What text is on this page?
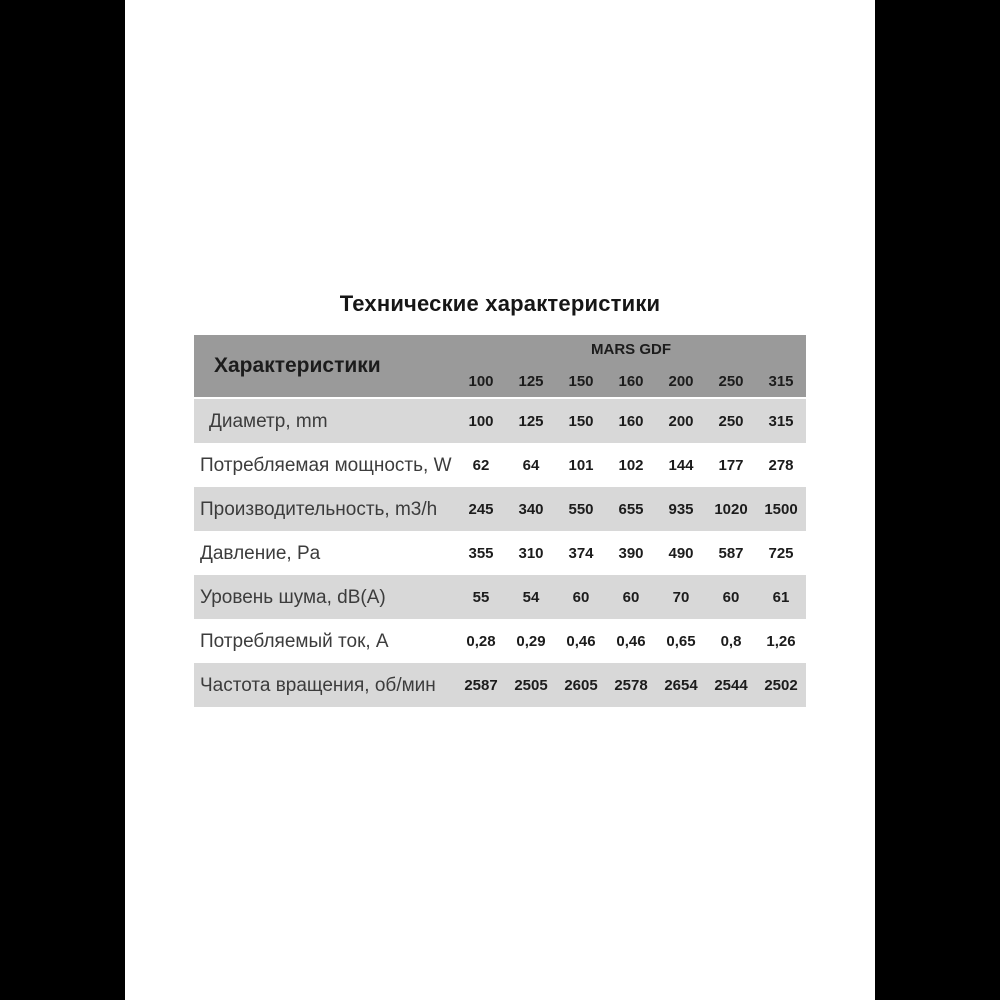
Технические характеристики
Характеристики
MARS GDF
100	125	150	160	200	250	315
Диаметр, mm	100	125	150	160	200	250	315
Потребляемая мощность, W	62	64	101	102	144	177	278
Производительность, m3/h	245	340	550	655	935	1020	1500
Давление, Pa	355	310	374	390	490	587	725
Уровень шума, dB(A)	55	54	60	60	70	60	61
Потребляемый ток, А	0,28	0,29	0,46	0,46	0,65	0,8	1,26
Частота вращения, об/мин	2587	2505	2605	2578	2654	2544	2502
